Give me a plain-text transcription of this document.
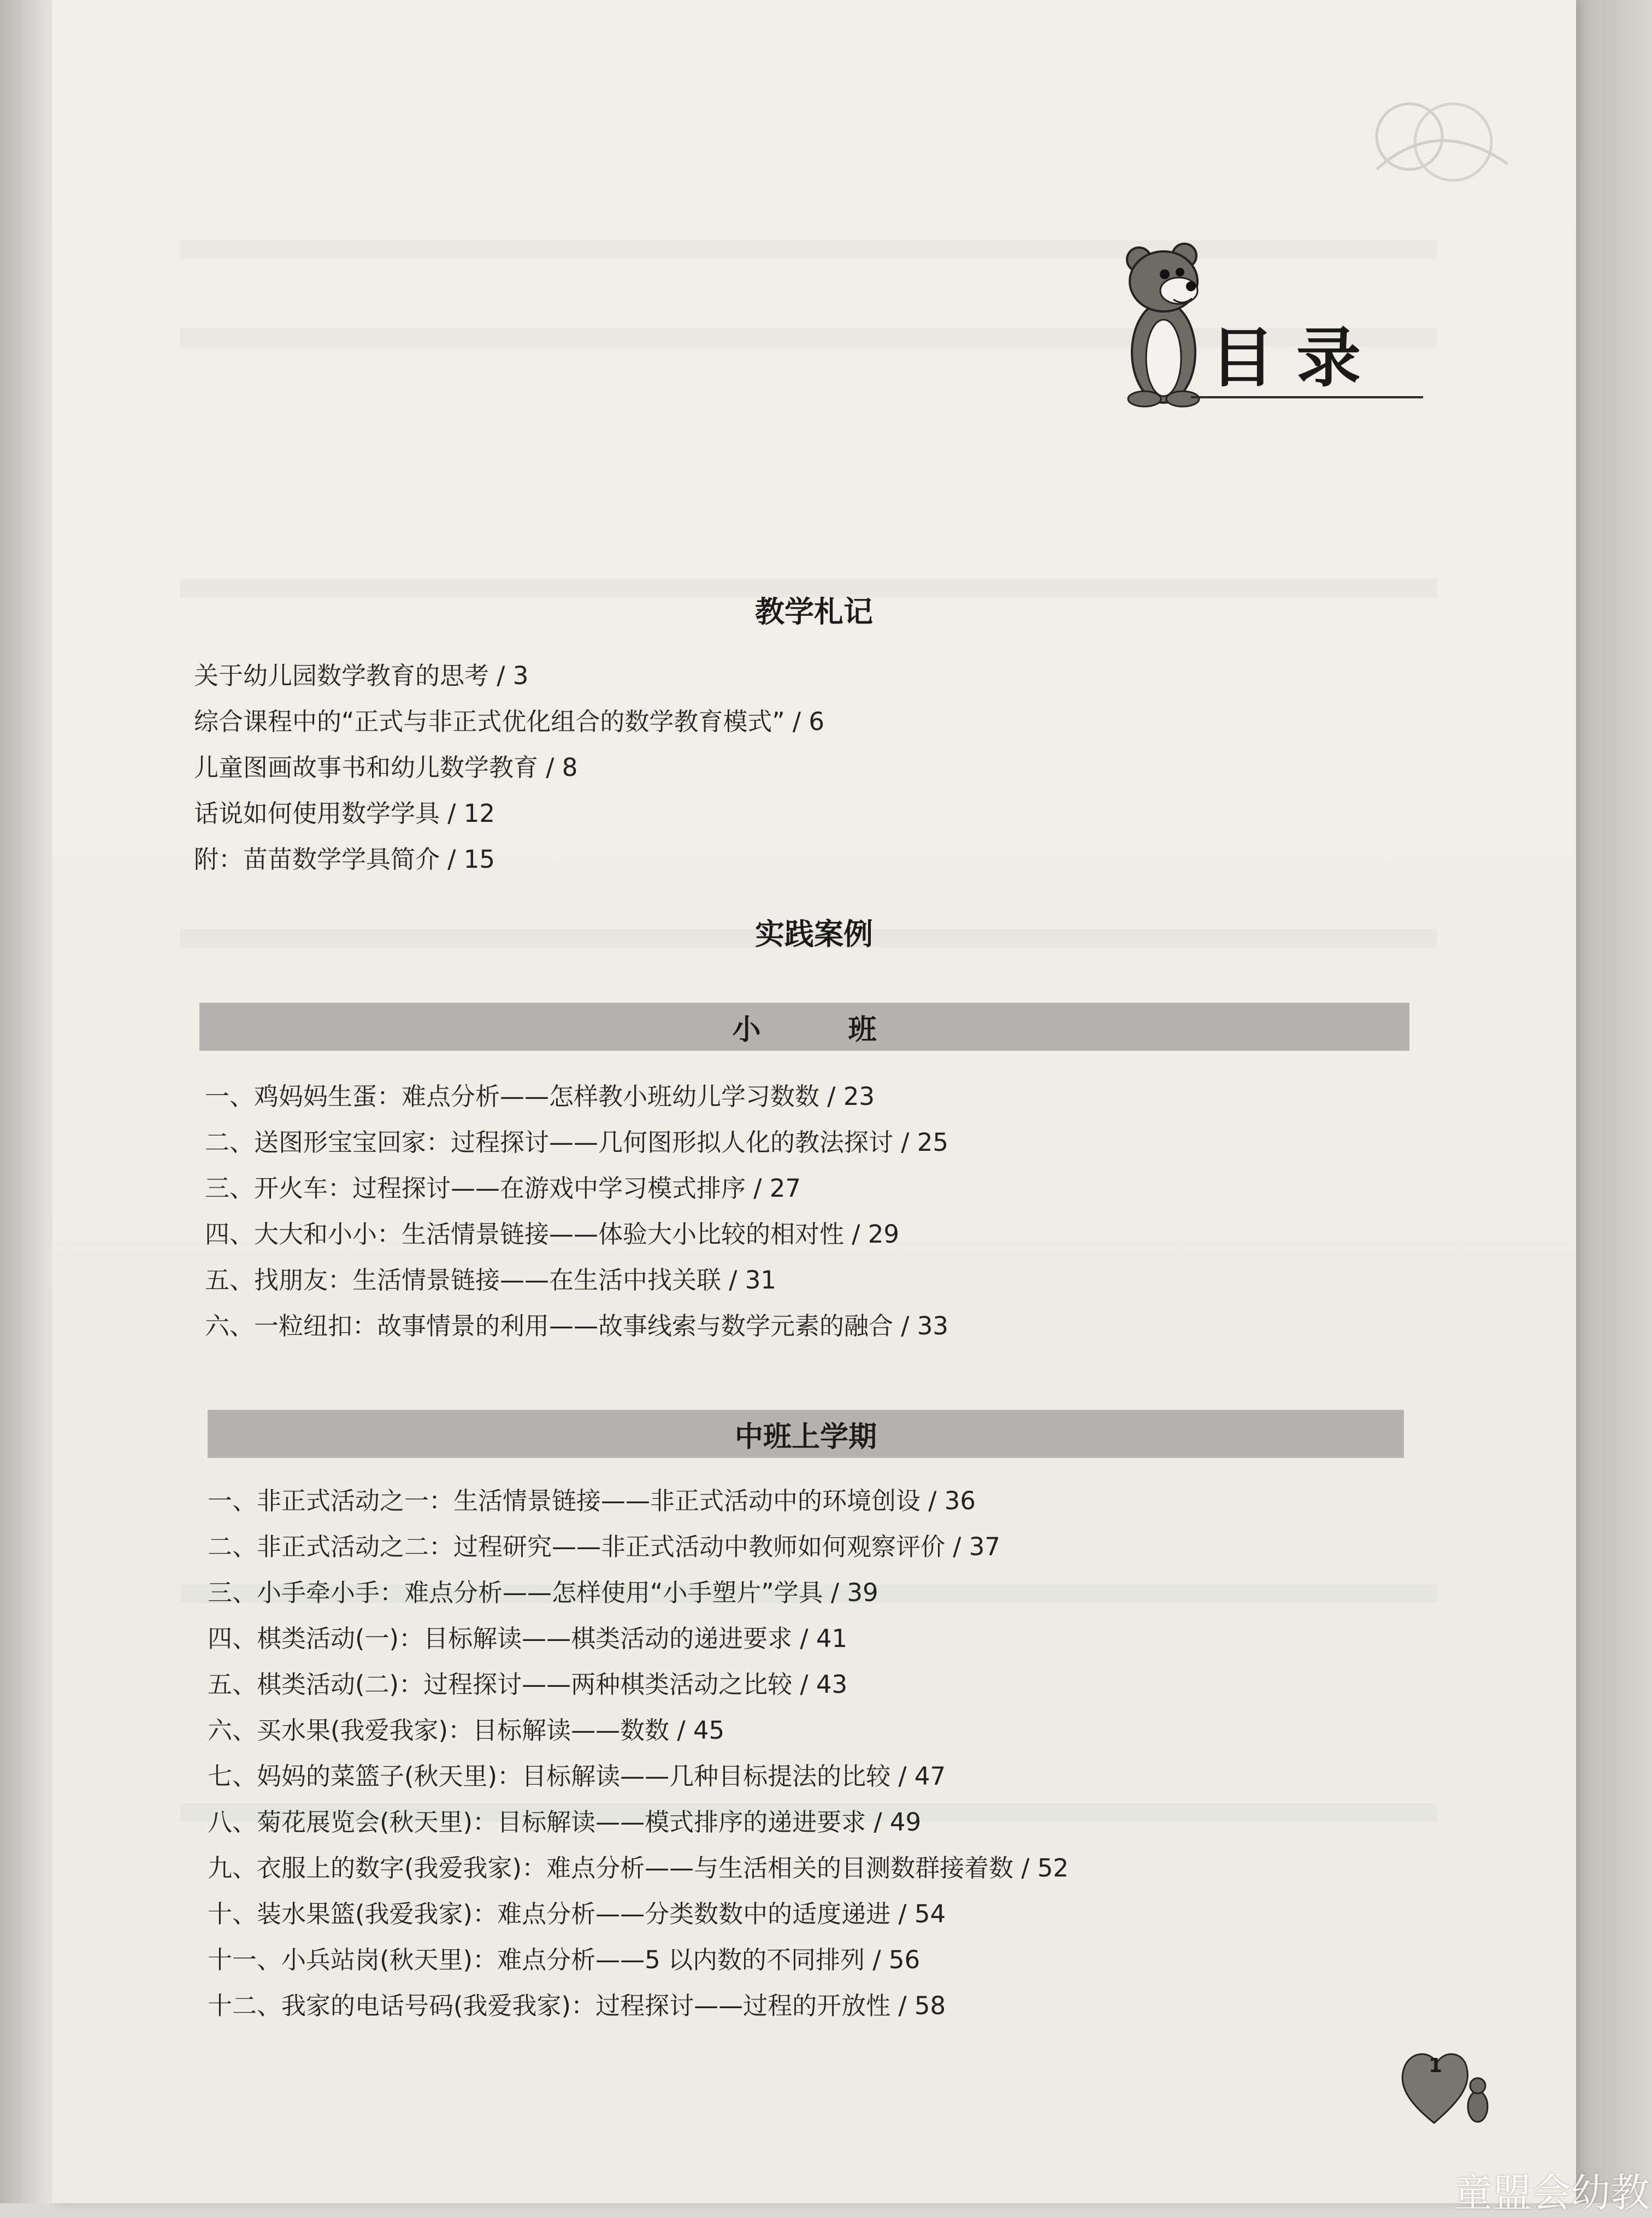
目录
教学札记
关于幼儿园数学教育的思考 / 3
综合课程中的“正式与非正式优化组合的数学教育模式” / 6
儿童图画故事书和幼儿数学教育 / 8
话说如何使用数学学具 / 12
附：苗苗数学学具简介 / 15
实践案例
小班
一、鸡妈妈生蛋：难点分析——怎样教小班幼儿学习数数 / 23
二、送图形宝宝回家：过程探讨——几何图形拟人化的教法探讨 / 25
三、开火车：过程探讨——在游戏中学习模式排序 / 27
四、大大和小小：生活情景链接——体验大小比较的相对性 / 29
五、找朋友：生活情景链接——在生活中找关联 / 31
六、一粒纽扣：故事情景的利用——故事线索与数学元素的融合 / 33
中班上学期
一、非正式活动之一：生活情景链接——非正式活动中的环境创设 / 36
二、非正式活动之二：过程研究——非正式活动中教师如何观察评价 / 37
三、小手牵小手：难点分析——怎样使用“小手塑片”学具 / 39
四、棋类活动(一)：目标解读——棋类活动的递进要求 / 41
五、棋类活动(二)：过程探讨——两种棋类活动之比较 / 43
六、买水果(我爱我家)：目标解读——数数 / 45
七、妈妈的菜篮子(秋天里)：目标解读——几种目标提法的比较 / 47
八、菊花展览会(秋天里)：目标解读——模式排序的递进要求 / 49
九、衣服上的数字(我爱我家)：难点分析——与生活相关的目测数群接着数 / 52
十、装水果篮(我爱我家)：难点分析——分类数数中的适度递进 / 54
十一、小兵站岗(秋天里)：难点分析——5 以内数的不同排列 / 56
十二、我家的电话号码(我爱我家)：过程探讨——过程的开放性 / 58
1
童盟会幼教
